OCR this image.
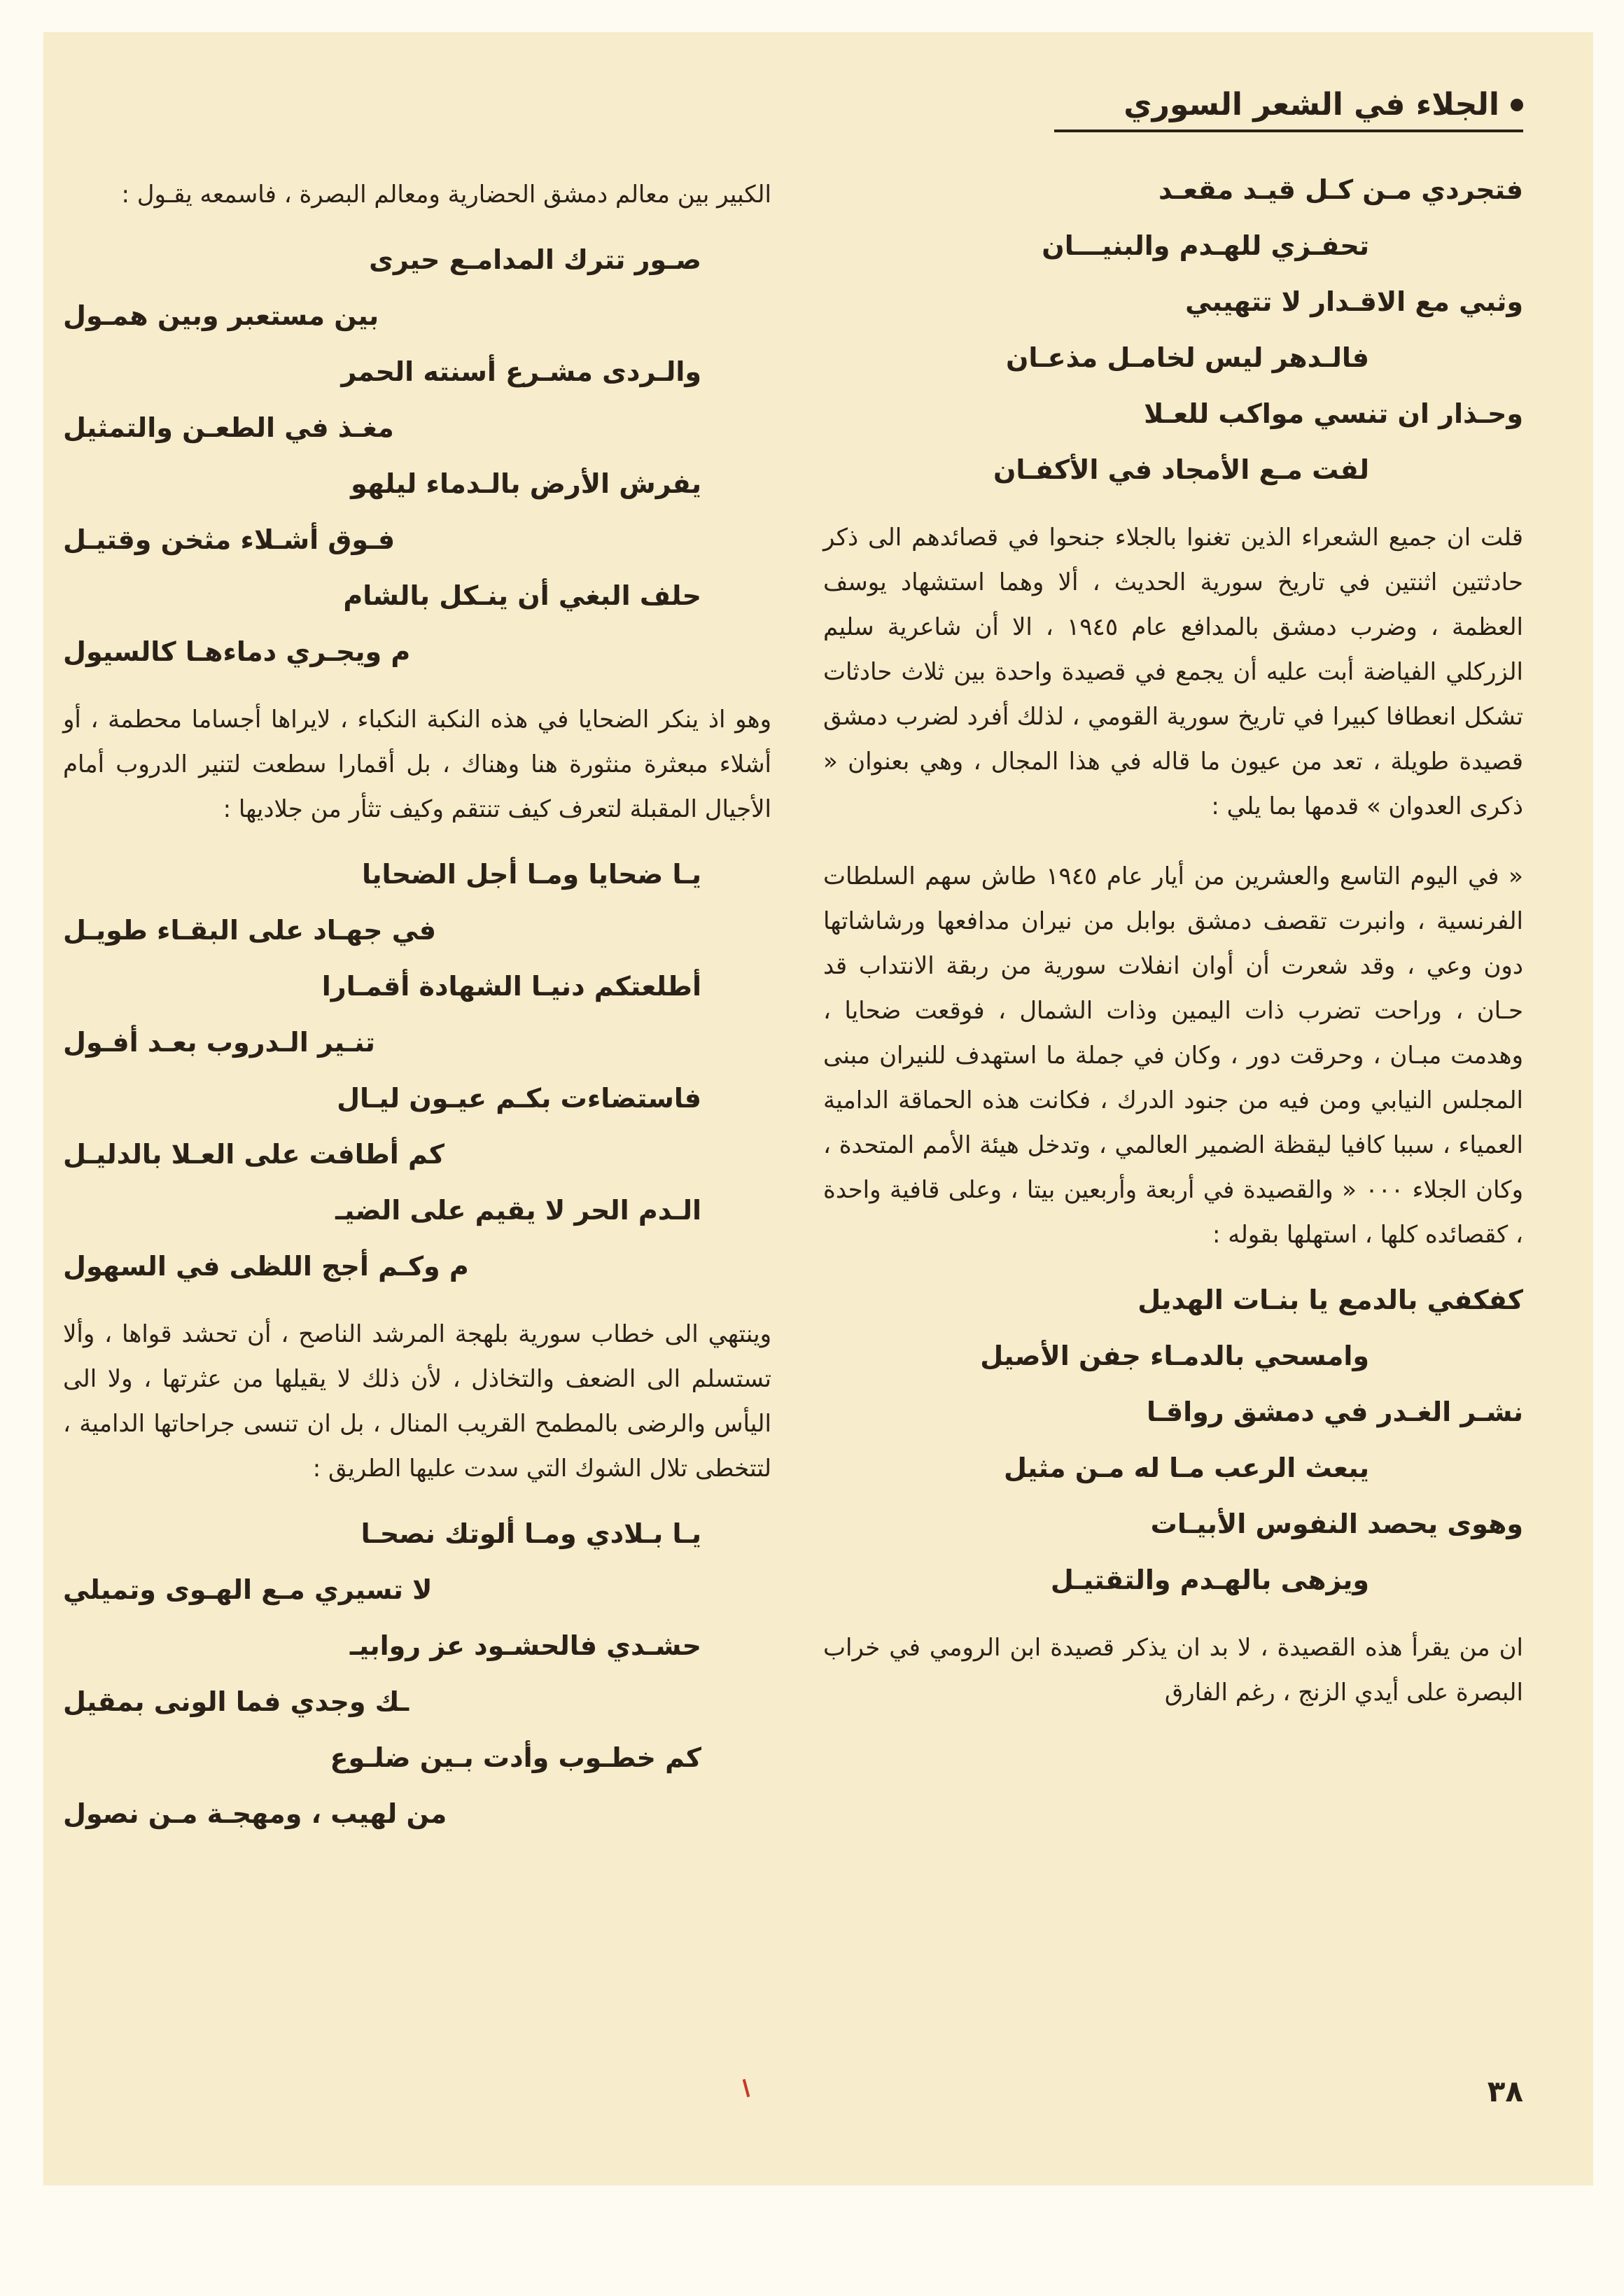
الجلاء في الشعر السوري
فتجردي مـن كـل قيـد مقعـد
تحفـزي للهـدم والبنيـــان
وثبي مع الاقـدار لا تتهيبي
فالـدهر ليس لخامـل مذعـان
وحـذار ان تنسي مواكب للعـلا
لفت مـع الأمجاد في الأكفـان

قلت ان جميع الشعراء الذين تغنوا بالجلاء جنحوا في قصائدهم الى ذكر حادثتين اثنتين في تاريخ سورية الحديث ، ألا وهما استشهاد يوسف العظمة ، وضرب دمشق بالمدافع عام ١٩٤٥ ، الا أن شاعرية سليم الزركلي الفياضة أبت عليه أن يجمع في قصيدة واحدة بين ثلاث حادثات تشكل انعطافا كبيرا في تاريخ سورية القومي ، لذلك أفرد لضرب دمشق قصيدة طويلة ، تعد من عيون ما قاله في هذا المجال ، وهي بعنوان « ذكرى العدوان » قدمها بما يلي :

« في اليوم التاسع والعشرين من أيار عام ١٩٤٥ طاش سهم السلطات الفرنسية ، وانبرت تقصف دمشق بوابل من نيران مدافعها ورشاشاتها دون وعي ، وقد شعرت أن أوان انفلات سورية من ربقة الانتداب قد حـان ، وراحت تضرب ذات اليمين وذات الشمال ، فوقعت ضحايا ، وهدمت مبـان ، وحرقت دور ، وكان في جملة ما استهدف للنيران مبنى المجلس النيابي ومن فيه من جنود الدرك ، فكانت هذه الحماقة الدامية العمياء ، سببا كافيا ليقظة الضمير العالمي ، وتدخل هيئة الأمم المتحدة ، وكان الجلاء ٠٠٠ « والقصيدة في أربعة وأربعين بيتا ، وعلى قافية واحدة ، كقصائده كلها ، استهلها بقوله :

كفكفي بالدمع يا بنـات الهديل
وامسحي بالدمـاء جفن الأصيل
نشـر الغـدر في دمشق رواقـا
يبعث الرعب مـا له مـن مثيل
وهوى يحصد النفوس الأبيـات
ويزهى بالهـدم والتقتيـل

ان من يقرأ هذه القصيدة ، لا بد ان يذكر قصيدة ابن الرومي في خراب البصرة على أيدي الزنج ، رغم الفارق

الكبير بين معالم دمشق الحضارية ومعالم البصرة ، فاسمعه يقـول :

صـور تترك المدامـع حيرى
بين مستعبر وبين همـول
والـردى مشـرع أسنته الحمر
مغـذ في الطعـن والتمثيل
يفرش الأرض بالـدماء ليلهو
فـوق أشـلاء مثخن وقتيـل
حلف البغي أن ينـكل بالشام
م ويجـري دماءهـا كالسيول

وهو اذ ينكر الضحايا في هذه النكبة النكباء ، لايراها أجساما محطمة ، أو أشلاء مبعثرة منثورة هنا وهناك ، بل أقمارا سطعت لتنير الدروب أمام الأجيال المقبلة لتعرف كيف تنتقم وكيف تثأر من جلاديها :

يـا ضحايا ومـا أجل الضحايا
في جهـاد على البقـاء طويـل
أطلعتكم دنيـا الشهادة أقمـارا
تنـير الـدروب بعـد أفـول
فاستضاءت بكـم عيـون ليـال
كم أطافت على العـلا بالدليـل
الـدم الحر لا يقيم على الضيـ
م وكـم أجج اللظى في السهول

وينتهي الى خطاب سورية بلهجة المرشد الناصح ، أن تحشد قواها ، وألا تستسلم الى الضعف والتخاذل ، لأن ذلك لا يقيلها من عثرتها ، ولا الى اليأس والرضى بالمطمح القريب المنال ، بل ان تنسى جراحاتها الدامية ، لتتخطى تلال الشوك التي سدت عليها الطريق :

يـا بـلادي ومـا ألوتك نصحـا
لا تسيري مـع الهـوى وتميلي
حشـدي فالحشـود عز روابيـ
ـك وجدي فما الونى بمقيل
كم خطـوب وأدت بـين ضلـوع
من لهيب ، ومهجـة مـن نصول
٣٨
